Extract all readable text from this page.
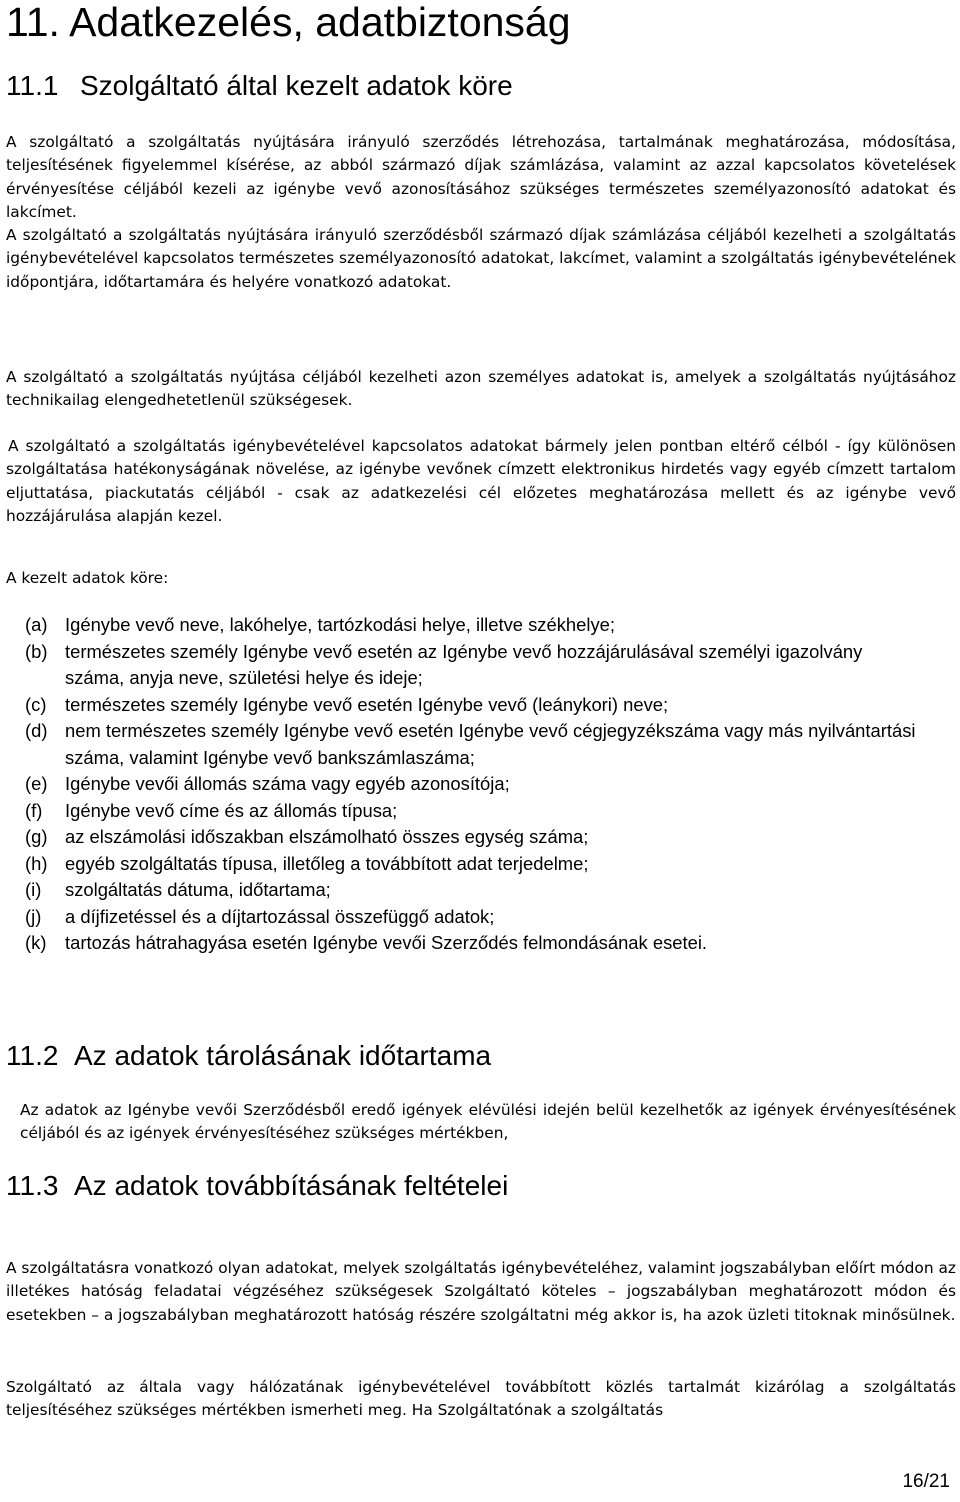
11. Adatkezelés, adatbiztonság
11.1 Szolgáltató által kezelt adatok köre

A szolgáltató a szolgáltatás nyújtására irányuló szerződés létrehozása, tartalmának meghatározása, módosítása, teljesítésének figyelemmel kísérése, az abból származó díjak számlázása, valamint az azzal kapcsolatos követelések érvényesítése céljából kezeli az igénybe vevő azonosításához szükséges természetes személyazonosító adatokat és lakcímet.

A szolgáltató a szolgáltatás nyújtására irányuló szerződésből származó díjak számlázása céljából kezelheti a szolgáltatás igénybevételével kapcsolatos természetes személyazonosító adatokat, lakcímet, valamint a szolgáltatás igénybevételének időpontjára, időtartamára és helyére vonatkozó adatokat.

A szolgáltató a szolgáltatás nyújtása céljából kezelheti azon személyes adatokat is, amelyek a szolgáltatás nyújtásához technikailag elengedhetetlenül szükségesek.

A szolgáltató a szolgáltatás igénybevételével kapcsolatos adatokat bármely jelen pontban eltérő célból - így különösen szolgáltatása hatékonyságának növelése, az igénybe vevőnek címzett elektronikus hirdetés vagy egyéb címzett tartalom eljuttatása, piackutatás céljából - csak az adatkezelési cél előzetes meghatározása mellett és az igénybe vevő hozzájárulása alapján kezel.

A kezelt adatok köre:

(a) Igénybe vevő neve, lakóhelye, tartózkodási helye, illetve székhelye;
(b) természetes személy Igénybe vevő esetén az Igénybe vevő hozzájárulásával személyi igazolvány száma, anyja neve, születési helye és ideje;
(c) természetes személy Igénybe vevő esetén Igénybe vevő (leánykori) neve;
(d) nem természetes személy Igénybe vevő esetén Igénybe vevő cégjegyzékszáma vagy más nyilvántartási száma, valamint Igénybe vevő bankszámlaszáma;
(e) Igénybe vevői állomás száma vagy egyéb azonosítója;
(f) Igénybe vevő címe és az állomás típusa;
(g) az elszámolási időszakban elszámolható összes egység száma;
(h) egyéb szolgáltatás típusa, illetőleg a továbbított adat terjedelme;
(i) szolgáltatás dátuma, időtartama;
(j) a díjfizetéssel és a díjtartozással összefüggő adatok;
(k) tartozás hátrahagyása esetén Igénybe vevői Szerződés felmondásának esetei.
11.2 Az adatok tárolásának időtartama

Az adatok az Igénybe vevői Szerződésből eredő igények elévülési idején belül kezelhetők az igények érvényesítésének céljából és az igények érvényesítéséhez szükséges mértékben,

11.3 Az adatok továbbításának feltételei

A szolgáltatásra vonatkozó olyan adatokat, melyek szolgáltatás igénybevételéhez, valamint jogszabályban előírt módon az illetékes hatóság feladatai végzéséhez szükségesek Szolgáltató köteles – jogszabályban meghatározott módon és esetekben – a jogszabályban meghatározott hatóság részére szolgáltatni még akkor is, ha azok üzleti titoknak minősülnek.

Szolgáltató az általa vagy hálózatának igénybevételével továbbított közlés tartalmát kizárólag a szolgáltatás teljesítéséhez szükséges mértékben ismerheti meg. Ha Szolgáltatónak a szolgáltatás

16/21
